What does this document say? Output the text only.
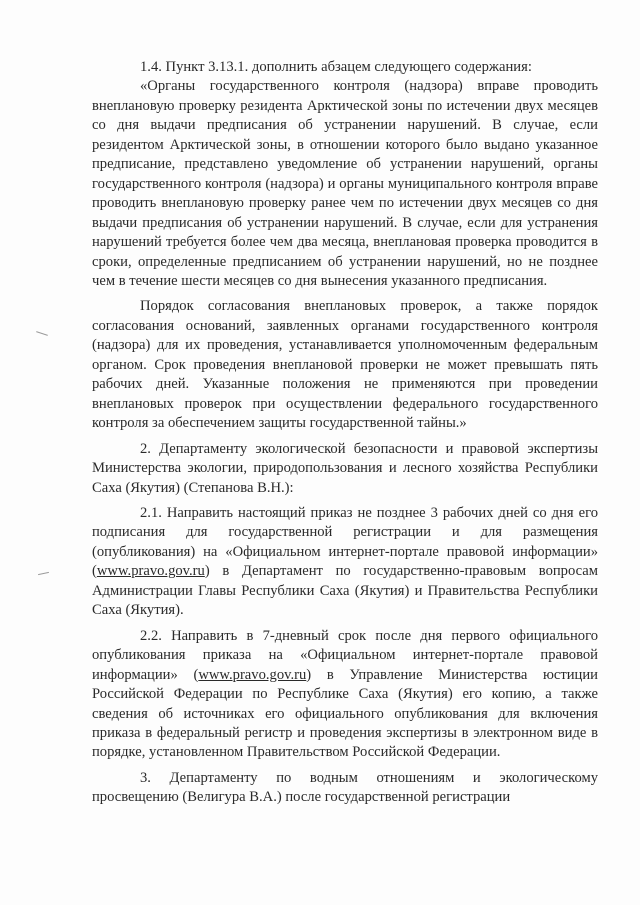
1.4. Пункт 3.13.1. дополнить абзацем следующего содержания:

«Органы государственного контроля (надзора) вправе проводить внеплановую проверку резидента Арктической зоны по истечении двух месяцев со дня выдачи предписания об устранении нарушений. В случае, если резидентом Арктической зоны, в отношении которого было выдано указанное предписание, представлено уведомление об устранении нарушений, органы государственного контроля (надзора) и органы муниципального контроля вправе проводить внеплановую проверку ранее чем по истечении двух месяцев со дня выдачи предписания об устранении нарушений. В случае, если для устранения нарушений требуется более чем два месяца, внеплановая проверка проводится в сроки, определенные предписанием об устранении нарушений, но не позднее чем в течение шести месяцев со дня вынесения указанного предписания.

Порядок согласования внеплановых проверок, а также порядок согласования оснований, заявленных органами государственного контроля (надзора) для их проведения, устанавливается уполномоченным федеральным органом. Срок проведения внеплановой проверки не может превышать пять рабочих дней. Указанные положения не применяются при проведении внеплановых проверок при осуществлении федерального государственного контроля за обеспечением защиты государственной тайны.»

2. Департаменту экологической безопасности и правовой экспертизы Министерства экологии, природопользования и лесного хозяйства Республики Саха (Якутия) (Степанова В.Н.):

2.1. Направить настоящий приказ не позднее 3 рабочих дней со дня его подписания для государственной регистрации и для размещения (опубликования) на «Официальном интернет-портале правовой информации» (www.pravo.gov.ru) в Департамент по государственно-правовым вопросам Администрации Главы Республики Саха (Якутия) и Правительства Республики Саха (Якутия).

2.2. Направить в 7-дневный срок после дня первого официального опубликования приказа на «Официальном интернет-портале правовой информации» (www.pravo.gov.ru) в Управление Министерства юстиции Российской Федерации по Республике Саха (Якутия) его копию, а также сведения об источниках его официального опубликования для включения приказа в федеральный регистр и проведения экспертизы в электронном виде в порядке, установленном Правительством Российской Федерации.

3. Департаменту по водным отношениям и экологическому просвещению (Велигура В.А.) после государственной регистрации
